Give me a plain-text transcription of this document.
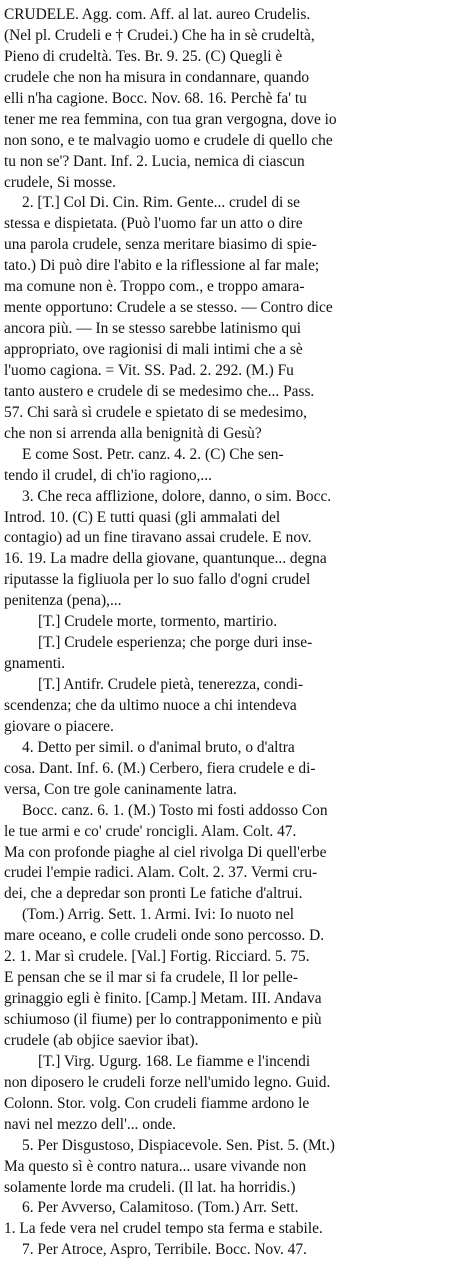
CRUDELE. Agg. com. Aff. al lat. aureo Crudelis.
(Nel pl. Crudeli e † Crudei.) Che ha in sè crudeltà,
Pieno di crudeltà. Tes. Br. 9. 25. (C) Quegli è
crudele che non ha misura in condannare, quando
elli n'ha cagione. Bocc. Nov. 68. 16. Perchè fa' tu
tener me rea femmina, con tua gran vergogna, dove io
non sono, e te malvagio uomo e crudele di quello che
tu non se'? Dant. Inf. 2. Lucia, nemica di ciascun
crudele, Si mosse.
2. [T.] Col Di. Cin. Rim. Gente... crudel di se
stessa e dispietata. (Può l'uomo far un atto o dire
una parola crudele, senza meritare biasimo di spie-
tato.) Di può dire l'abito e la riflessione al far male;
ma comune non è. Troppo com., e troppo amara-
mente opportuno: Crudele a se stesso. — Contro dice
ancora più. — In se stesso sarebbe latinismo qui
appropriato, ove ragionisi di mali intimi che a sè
l'uomo cagiona. = Vit. SS. Pad. 2. 292. (M.) Fu
tanto austero e crudele di se medesimo che... Pass.
57. Chi sarà sì crudele e spietato di se medesimo,
che non si arrenda alla benignità di Gesù?
E come Sost. Petr. canz. 4. 2. (C) Che sen-
tendo il crudel, di ch'io ragiono,...
3. Che reca afflizione, dolore, danno, o sim. Bocc.
Introd. 10. (C) E tutti quasi (gli ammalati del
contagio) ad un fine tiravano assai crudele. E nov.
16. 19. La madre della giovane, quantunque... degna
riputasse la figliuola per lo suo fallo d'ogni crudel
penitenza (pena),...
[T.] Crudele morte, tormento, martirio.
[T.] Crudele esperienza; che porge duri inse-
gnamenti.
[T.] Antifr. Crudele pietà, tenerezza, condi-
scendenza; che da ultimo nuoce a chi intendeva
giovare o piacere.
4. Detto per simil. o d'animal bruto, o d'altra
cosa. Dant. Inf. 6. (M.) Cerbero, fiera crudele e di-
versa, Con tre gole caninamente latra.
Bocc. canz. 6. 1. (M.) Tosto mi fosti addosso Con
le tue armi e co' crude' roncigli. Alam. Colt. 47.
Ma con profonde piaghe al ciel rivolga Di quell'erbe
crudei l'empie radici. Alam. Colt. 2. 37. Vermi cru-
dei, che a depredar son pronti Le fatiche d'altrui.
(Tom.) Arrig. Sett. 1. Armi. Ivi: Io nuoto nel
mare oceano, e colle crudeli onde sono percosso. D.
2. 1. Mar sì crudele. [Val.] Fortig. Ricciard. 5. 75.
E pensan che se il mar si fa crudele, Il lor pelle-
grinaggio egli è finito. [Camp.] Metam. III. Andava
schiumoso (il fiume) per lo contrapponimento e più
crudele (ab objice saevior ibat).
[T.] Virg. Ugurg. 168. Le fiamme e l'incendi
non diposero le crudeli forze nell'umido legno. Guid.
Colonn. Stor. volg. Con crudeli fiamme ardono le
navi nel mezzo dell'... onde.
5. Per Disgustoso, Dispiacevole. Sen. Pist. 5. (Mt.)
Ma questo sì è contro natura... usare vivande non
solamente lorde ma crudeli. (Il lat. ha horridis.)
6. Per Avverso, Calamitoso. (Tom.) Arr. Sett.
1. La fede vera nel crudel tempo sta ferma e stabile.
7. Per Atroce, Aspro, Terribile. Bocc. Nov. 47.
